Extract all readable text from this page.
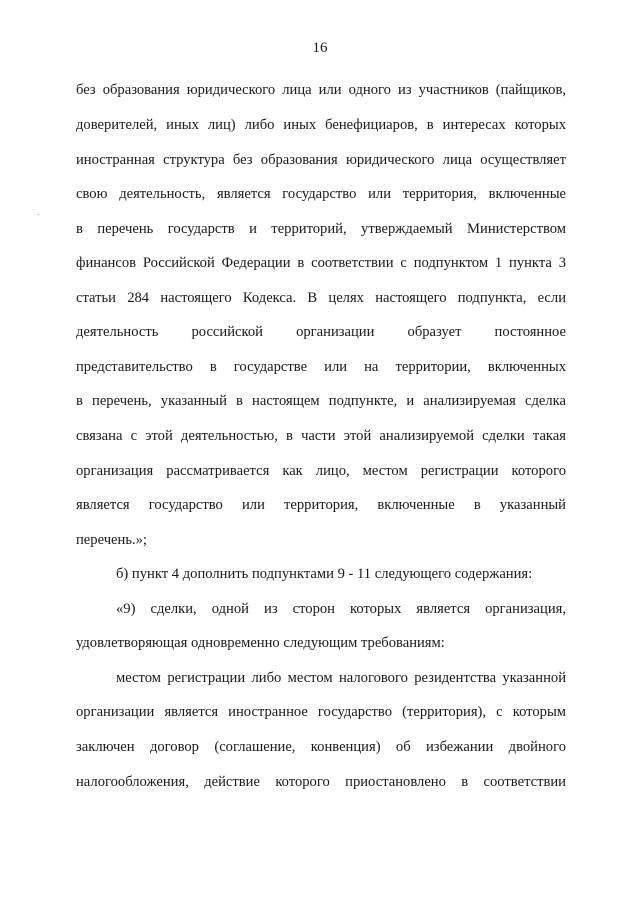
16
без образования юридического лица или одного из участников (пайщиков,
доверителей, иных лиц) либо иных бенефициаров, в интересах которых
иностранная структура без образования юридического лица осуществляет
свою деятельность, является государство или территория, включенные
в перечень государств и территорий, утверждаемый Министерством
финансов Российской Федерации в соответствии с подпунктом 1 пункта 3
статьи 284 настоящего Кодекса. В целях настоящего подпункта, если
деятельность российской организации образует постоянное
представительство в государстве или на территории, включенных
в перечень, указанный в настоящем подпункте, и анализируемая сделка
связана с этой деятельностью, в части этой анализируемой сделки такая
организация рассматривается как лицо, местом регистрации которого
является государство или территория, включенные в указанный
перечень.»;
б) пункт 4 дополнить подпунктами 9 - 11 следующего содержания:
«9) сделки, одной из сторон которых является организация,
удовлетворяющая одновременно следующим требованиям:
местом регистрации либо местом налогового резидентства указанной
организации является иностранное государство (территория), с которым
заключен договор (соглашение, конвенция) об избежании двойного
налогообложения, действие которого приостановлено в соответствии
